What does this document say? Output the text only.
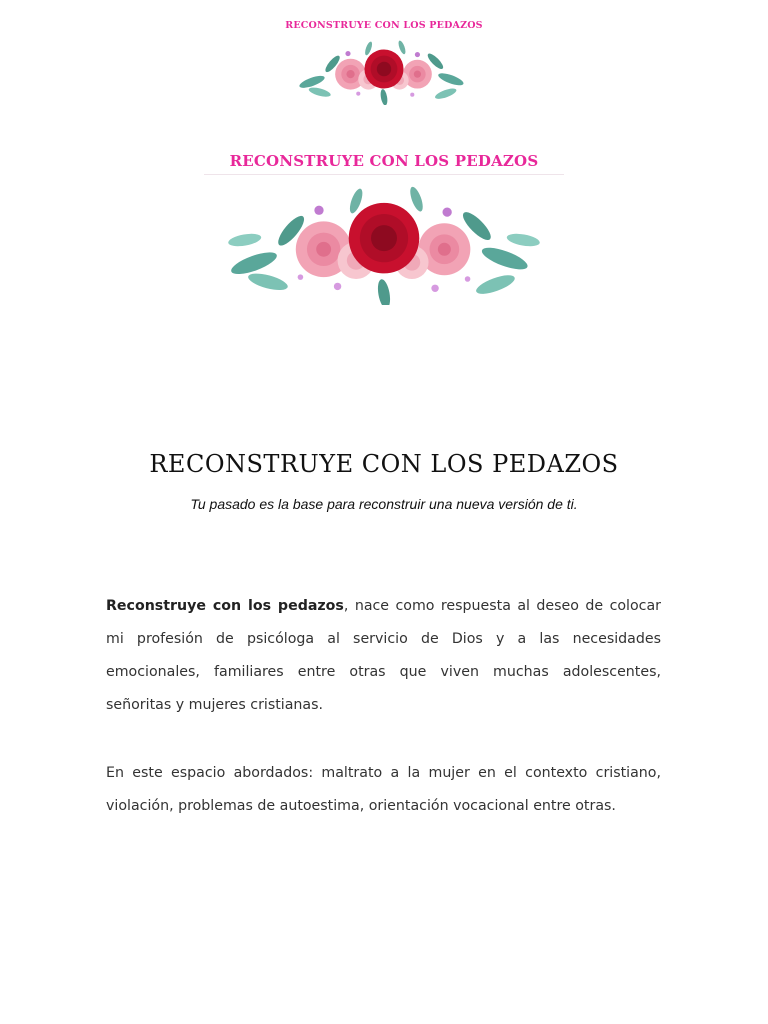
RECONSTRUYE CON LOS PEDAZOS
RECONSTRUYE CON LOS PEDAZOS
RECONSTRUYE CON LOS PEDAZOS
Tu pasado es la base para reconstruir una nueva versión de ti.

Reconstruye con los pedazos, nace como respuesta al deseo de colocar mi profesión de psicóloga al servicio de Dios y a las necesidades emocionales, familiares entre otras que viven muchas adolescentes, señoritas y mujeres cristianas.

En este espacio abordados: maltrato a la mujer en el contexto cristiano, violación, problemas de autoestima, orientación vocacional entre otras.
